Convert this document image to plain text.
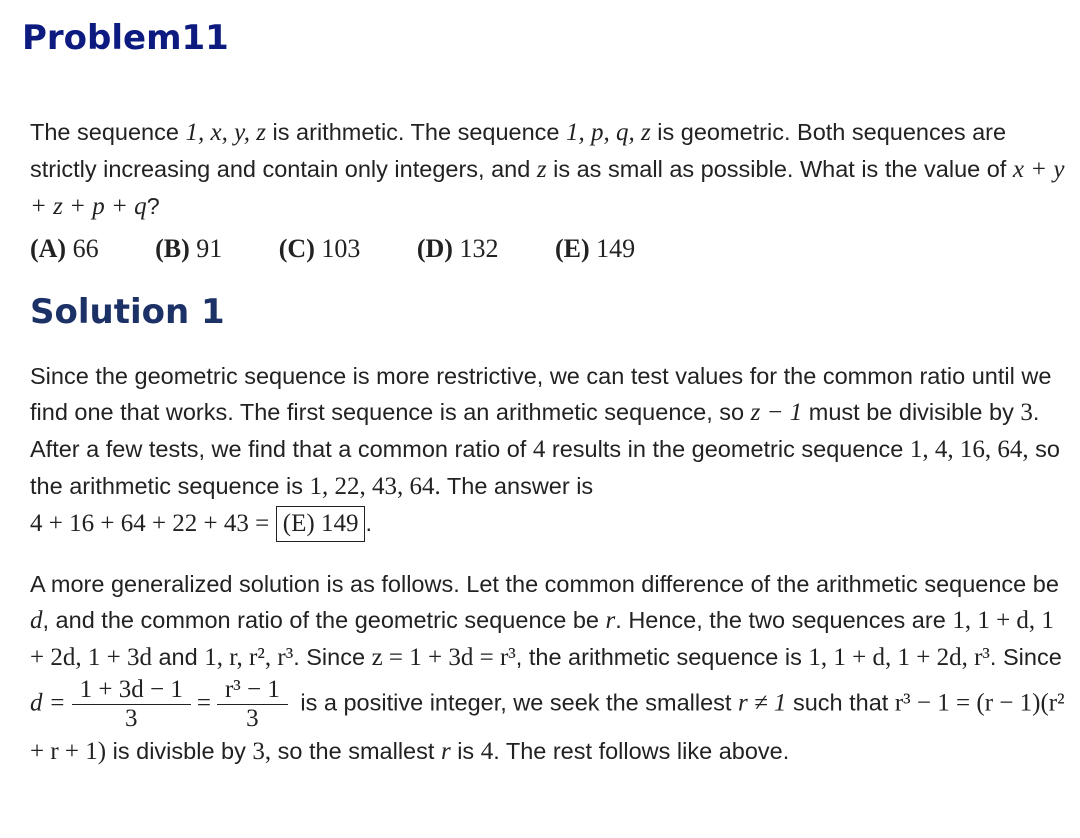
Problem11

The sequence 1, x, y, z is arithmetic. The sequence 1, p, q, z is geometric. Both sequences are strictly increasing and contain only integers, and z is as small as possible. What is the value of x + y + z + p + q?

(A) 66 (B) 91 (C) 103 (D) 132 (E) 149
Solution 1

Since the geometric sequence is more restrictive, we can test values for the common ratio until we find one that works. The first sequence is an arithmetic sequence, so z − 1 must be divisible by 3. After a few tests, we find that a common ratio of 4 results in the geometric sequence 1, 4, 16, 64, so the arithmetic sequence is 1, 22, 43, 64. The answer is
4 + 16 + 64 + 22 + 43 = (E) 149 .

A more generalized solution is as follows. Let the common difference of the arithmetic sequence be d, and the common ratio of the geometric sequence be r. Hence, the two sequences are 1, 1 + d, 1 + 2d, 1 + 3d and 1, r, r², r³. Since z = 1 + 3d = r³, the arithmetic sequence is 1, 1 + d, 1 + 2d, r³. Since $d = \frac{1 + 3d - 1}{3} = \frac{\text{r³ − 1}}{3}$ is a positive integer, we seek the smallest r ≠ 1 such that r³ − 1 = (r − 1)(r² + r + 1) is divisble by 3, so the smallest r is 4. The rest follows like above.
